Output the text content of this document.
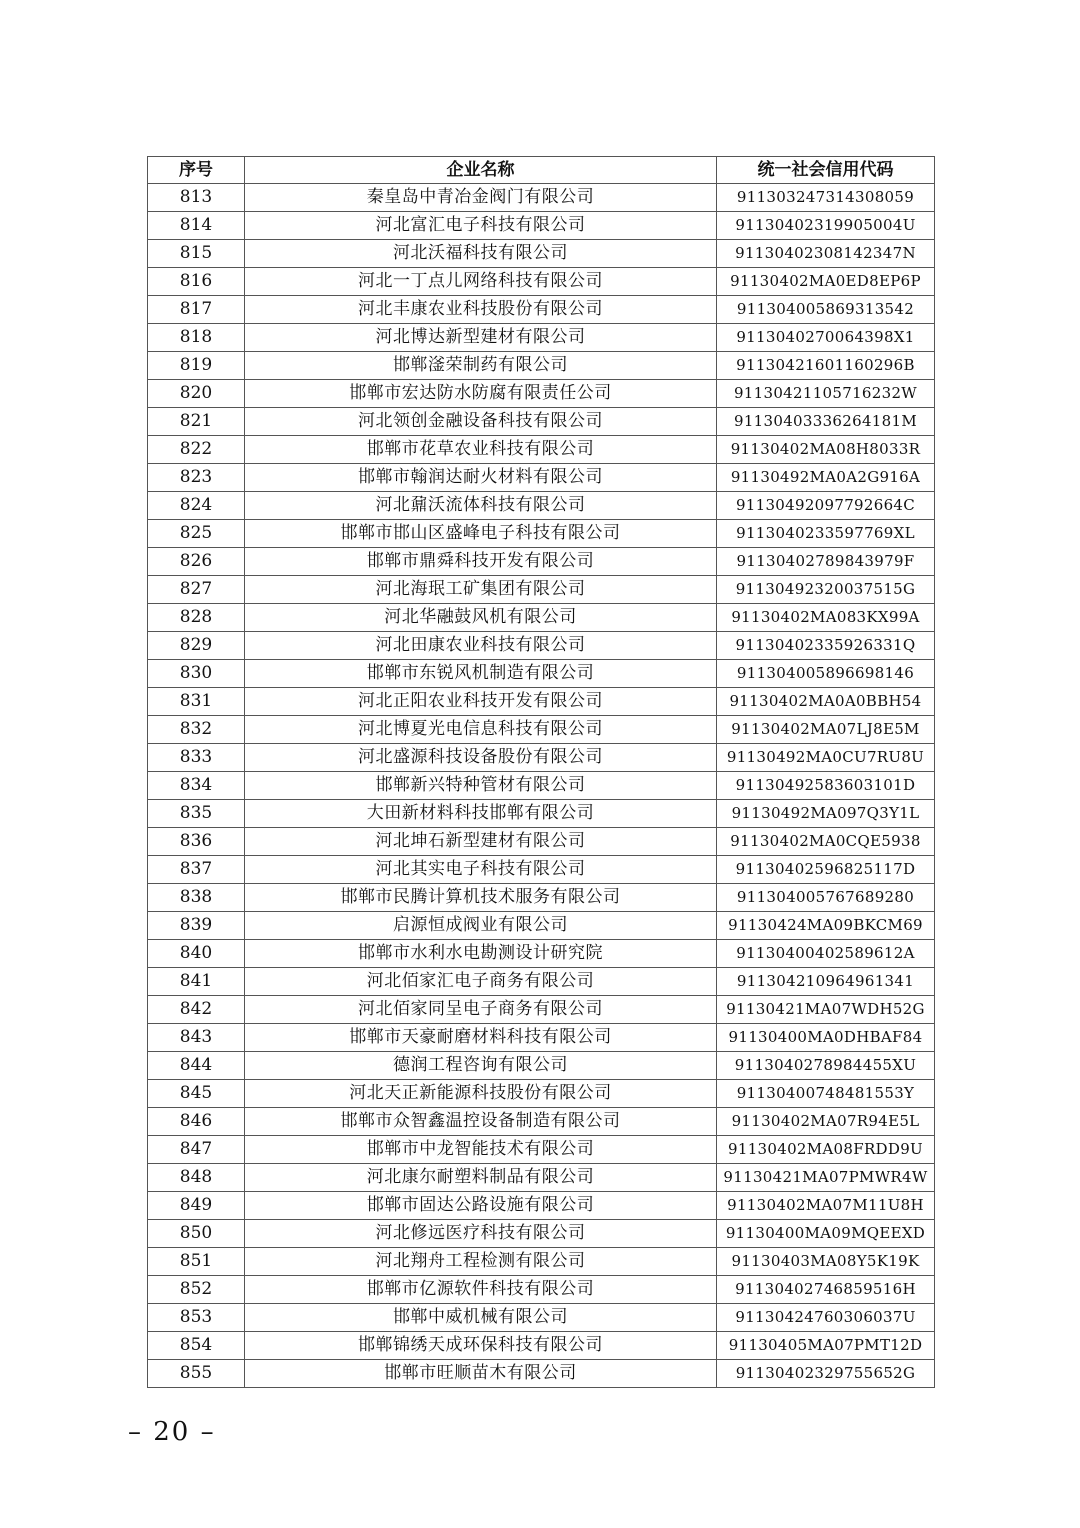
序号	企业名称	统一社会信用代码
813	秦皇岛中青冶金阀门有限公司	911303247314308059
814	河北富汇电子科技有限公司	91130402319905004U
815	河北沃福科技有限公司	91130402308142347N
816	河北一丁点儿网络科技有限公司	91130402MA0ED8EP6P
817	河北丰康农业科技股份有限公司	911304005869313542
818	河北博达新型建材有限公司	9113040270064398X1
819	邯郸滏荣制药有限公司	91130421601160296B
820	邯郸市宏达防水防腐有限责任公司	91130421105716232W
821	河北领创金融设备科技有限公司	91130403336264181M
822	邯郸市花草农业科技有限公司	91130402MA08H8033R
823	邯郸市翰润达耐火材料有限公司	91130492MA0A2G916A
824	河北鼐沃流体科技有限公司	91130492097792664C
825	邯郸市邯山区盛峰电子科技有限公司	9113040233597769XL
826	邯郸市鼎舜科技开发有限公司	91130402789843979F
827	河北海珉工矿集团有限公司	91130492320037515G
828	河北华融鼓风机有限公司	91130402MA083KX99A
829	河北田康农业科技有限公司	91130402335926331Q
830	邯郸市东锐风机制造有限公司	911304005896698146
831	河北正阳农业科技开发有限公司	91130402MA0A0BBH54
832	河北博夏光电信息科技有限公司	91130402MA07LJ8E5M
833	河北盛源科技设备股份有限公司	91130492MA0CU7RU8U
834	邯郸新兴特种管材有限公司	9113049258360310​1D
835	大田新材料科技邯郸有限公司	91130492MA097Q3Y1L
836	河北坤石新型建材有限公司	91130402MA0CQE5938
837	河北其实电子科技有限公司	91130402596825117D
838	邯郸市民腾计算机技术服务有限公司	911304005767689280
839	启源恒成阀业有限公司	91130424MA09BKCM69
840	邯郸市水利水电勘测设计研究院	91130400402589612A
841	河北佰家汇电子商务有限公司	911304210964961341
842	河北佰家同呈电子商务有限公司	91130421MA07WDH52G
843	邯郸市天豪耐磨材料科技有限公司	91130400MA0DHBAF84
844	德润工程咨询有限公司	9113040278984455XU
845	河北天正新能源科技股份有限公司	91130400748481553Y
846	邯郸市众智鑫温控设备制造有限公司	91130402MA07R94E5L
847	邯郸市中龙智能技术有限公司	91130402MA08FRDD9U
848	河北康尔耐塑料制品有限公司	91130421MA07PMWR4W
849	邯郸市固达公路设施有限公司	91130402MA07M11U8H
850	河北修远医疗科技有限公司	91130400MA09MQEEXD
851	河北翔舟工程检测有限公司	91130403MA08Y5K19K
852	邯郸市亿源软件科技有限公司	91130402746859516H
853	邯郸中威机械有限公司	91130424760306037U
854	邯郸锦绣天成环保科技有限公司	91130405MA07PMT12D
855	邯郸市旺顺苗木有限公司	91130402329755652G
– 20 –
